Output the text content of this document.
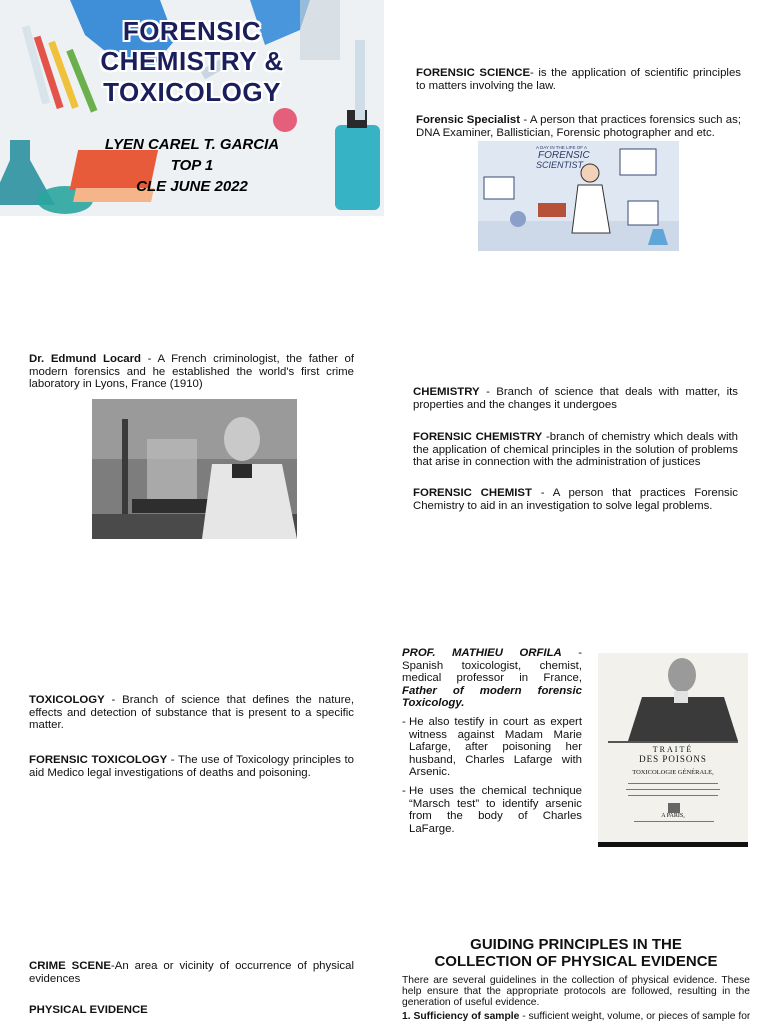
FORENSIC
CHEMISTRY &
TOXICOLOGY
LYEN CAREL T. GARCIA
TOP 1
CLE JUNE 2022
FORENSIC SCIENCE- is the application of scientific principles to matters involving the law.
Forensic Specialist - A person that practices forensics such as; DNA Examiner, Ballistician, Forensic photographer and etc.
A DAY IN THE LIFE OF A
FORENSIC
SCIENTIST
Dr. Edmund Locard - A French criminologist, the father of modern forensics and he established the world's first crime laboratory in Lyons, France (1910)
CHEMISTRY - Branch of science that deals with matter, its properties and the changes it undergoes
FORENSIC CHEMISTRY -branch of chemistry which deals with the application of chemical principles in the solution of problems that arise in connection with the administration of justices
FORENSIC CHEMIST - A person that practices Forensic Chemistry to aid in an investigation to solve legal problems.
TOXICOLOGY - Branch of science that defines the nature, effects and detection of substance that is present to a specific matter.
FORENSIC TOXICOLOGY - The use of Toxicology principles to aid Medico legal investigations of deaths and poisoning.
PROF. MATHIEU ORFILA - Spanish toxicologist, chemist, medical professor in France, Father of modern forensic Toxicology.
- He also testify in court as expert witness against Madam Marie Lafarge, after poisoning her husband, Charles Lafarge with Arsenic.
- He uses the chemical technique “Marsch test” to identify arsenic from the body of Charles LaFarge.
TRAITÉ
DES POISONS
TOXICOLOGIE GÉNÉRALE,
A PARIS,
CRIME SCENE-An area or vicinity of occurrence of physical evidences
PHYSICAL EVIDENCE
GUIDING PRINCIPLES IN THE
COLLECTION OF PHYSICAL EVIDENCE
There are several guidelines in the collection of physical evidence. These help ensure that the appropriate protocols are followed, resulting in the generation of useful evidence.
1. Sufficiency of sample - sufficient weight, volume, or pieces of sample for
